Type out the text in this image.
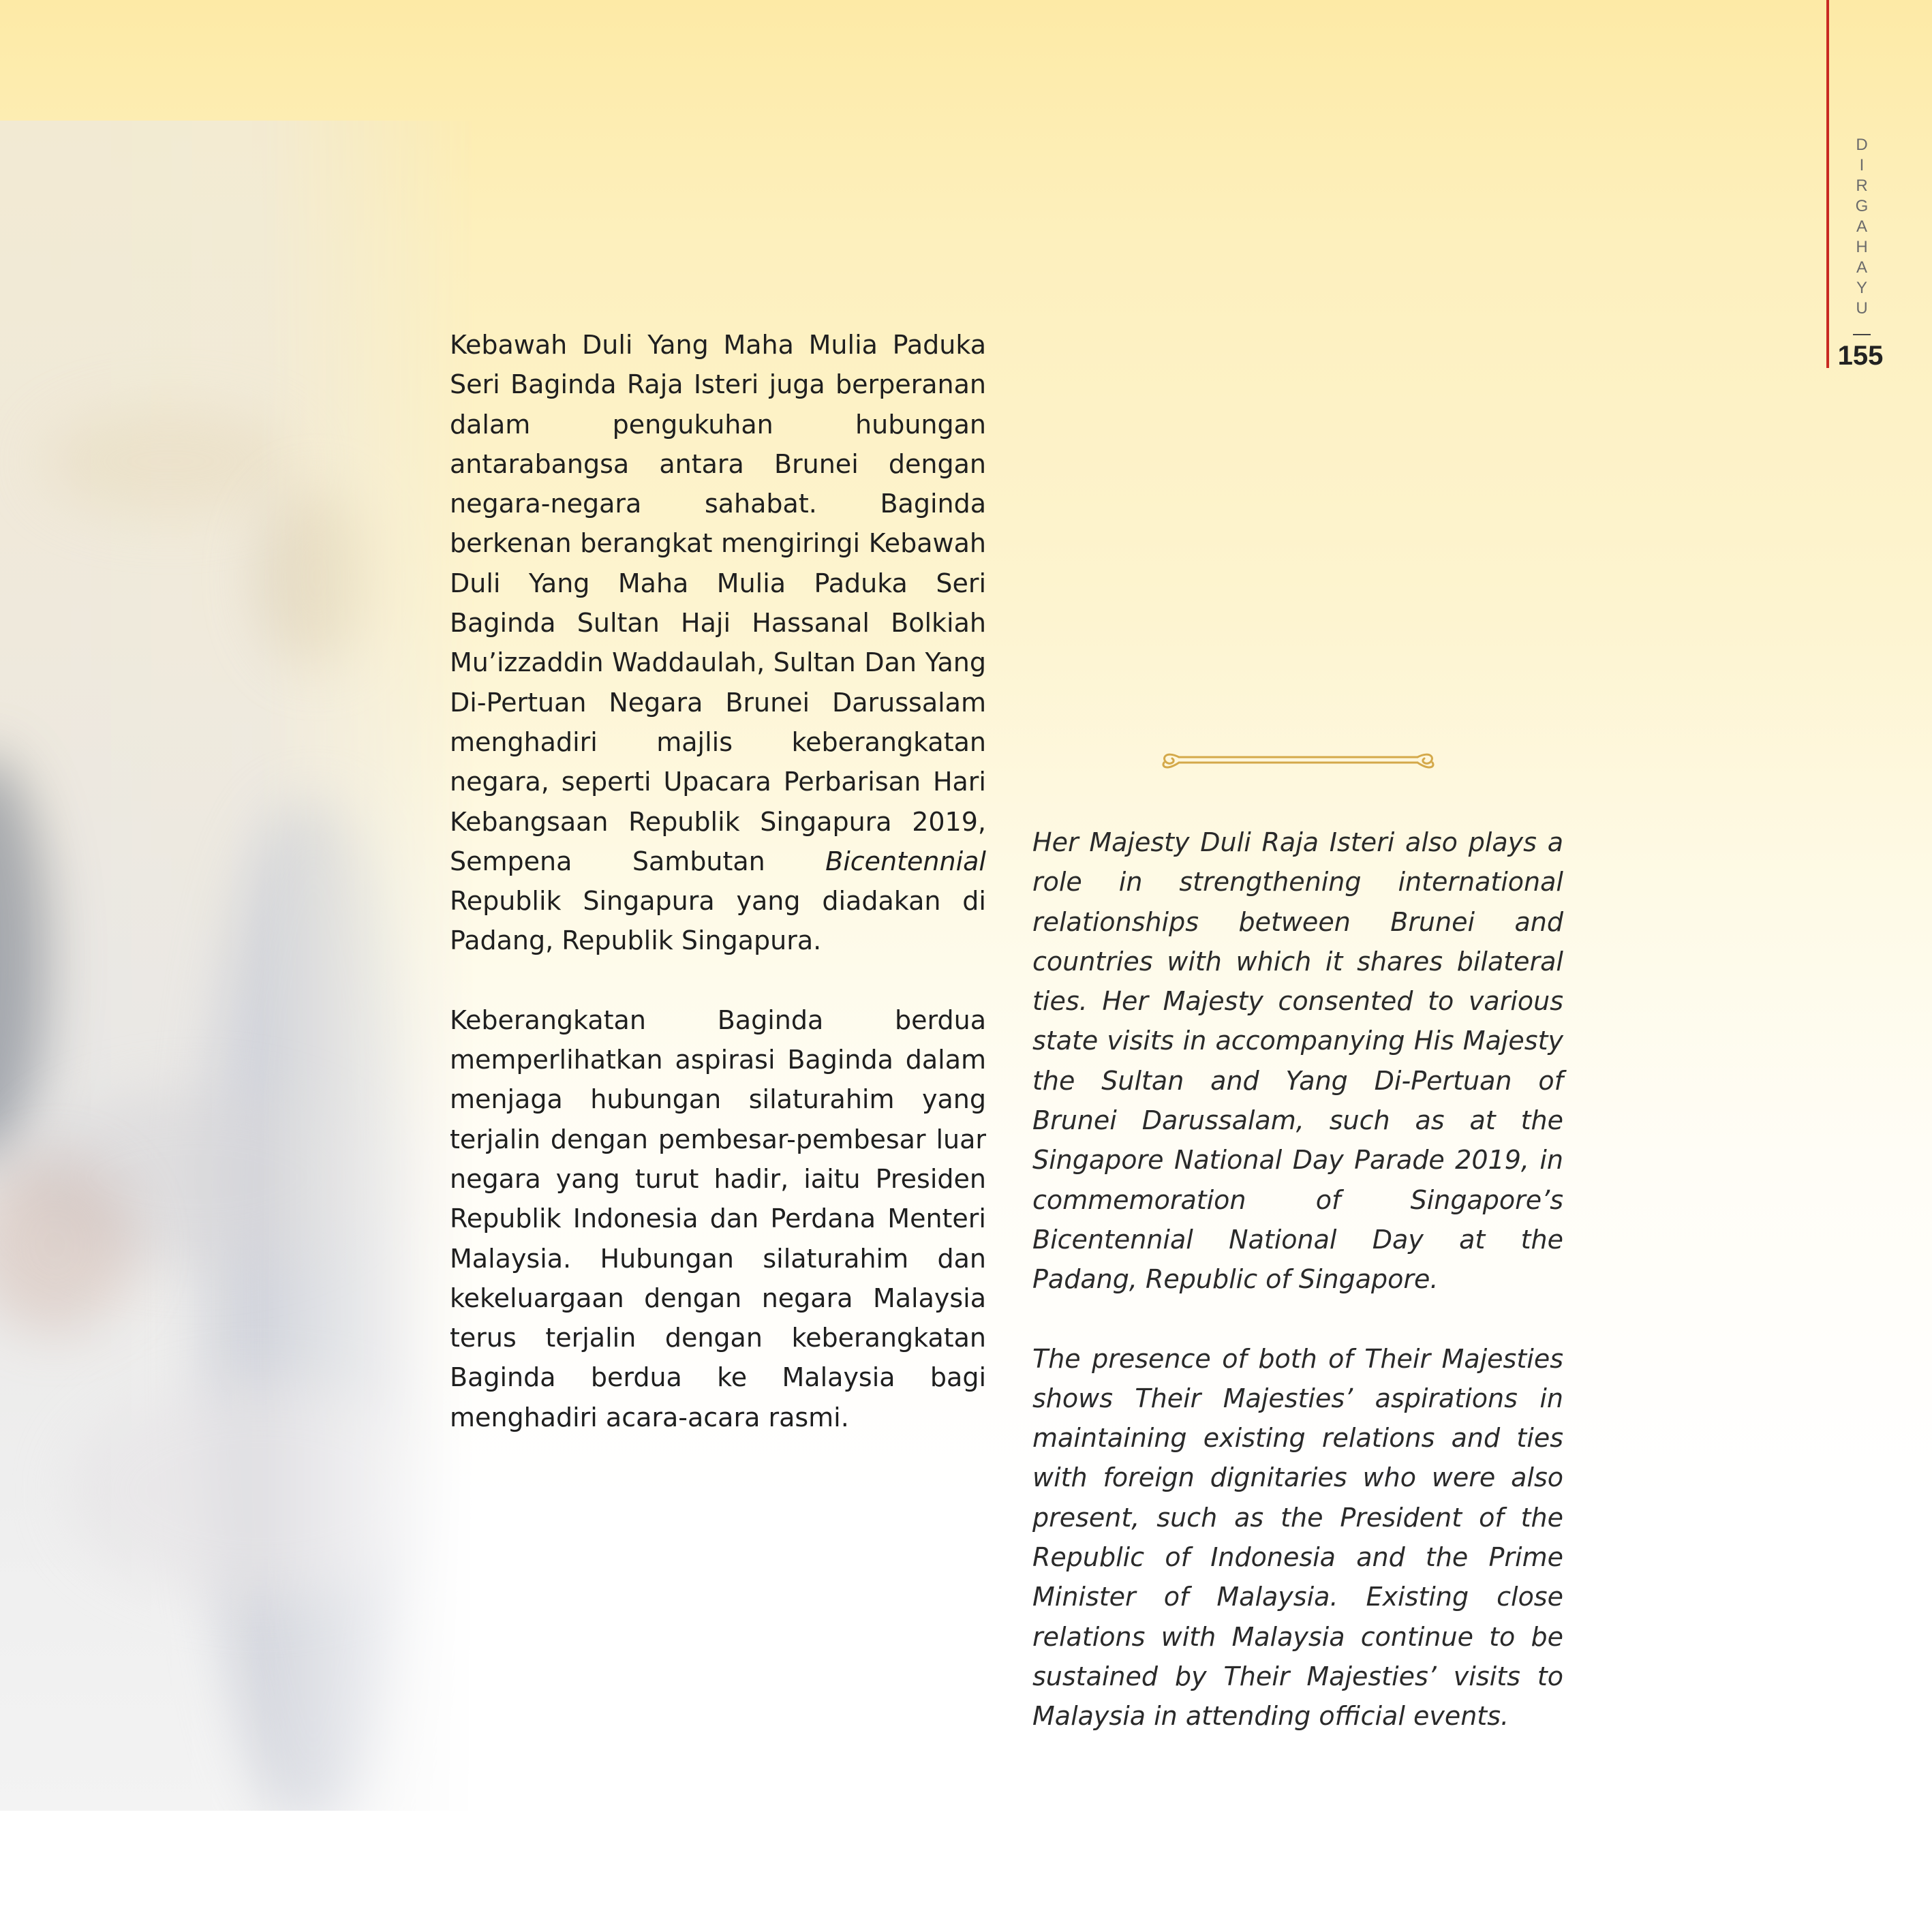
Kebawah Duli Yang Maha Mulia Paduka Seri Baginda Raja Isteri juga berperanan dalam pengukuhan hubungan antarabangsa antara Brunei dengan negara-negara sahabat. Baginda berkenan berangkat mengiringi Kebawah Duli Yang Maha Mulia Paduka Seri Baginda Sultan Haji Hassanal Bolkiah Mu’izzaddin Waddaulah, Sultan Dan Yang Di-Pertuan Negara Brunei Darussalam menghadiri majlis keberangkatan negara, seperti Upacara Perbarisan Hari Kebangsaan Republik Singapura 2019, Sempena Sambutan Bicentennial Republik Singapura yang diadakan di Padang, Republik Singapura.

Keberangkatan Baginda berdua memperlihatkan aspirasi Baginda dalam menjaga hubungan silaturahim yang terjalin dengan pembesar-pembesar luar negara yang turut hadir, iaitu Presiden Republik Indonesia dan Perdana Menteri Malaysia. Hubungan silaturahim dan kekeluargaan dengan negara Malaysia terus terjalin dengan keberangkatan Baginda berdua ke Malaysia bagi menghadiri acara-acara rasmi.

Her Majesty Duli Raja Isteri also plays a role in strengthening international relationships between Brunei and countries with which it shares bilateral ties. Her Majesty consented to various state visits in accompanying His Majesty the Sultan and Yang Di-Pertuan of Brunei Darussalam, such as at the Singapore National Day Parade 2019, in commemoration of Singapore’s Bicentennial National Day at the Padang, Republic of Singapore.

The presence of both of Their Majesties shows Their Majesties’ aspirations in maintaining existing relations and ties with foreign dignitaries who were also present, such as the President of the Republic of Indonesia and the Prime Minister of Malaysia. Existing close relations with Malaysia continue to be sustained by Their Majesties’ visits to Malaysia in attending official events.

D
I
R
G
A
H
A
Y
U
155
